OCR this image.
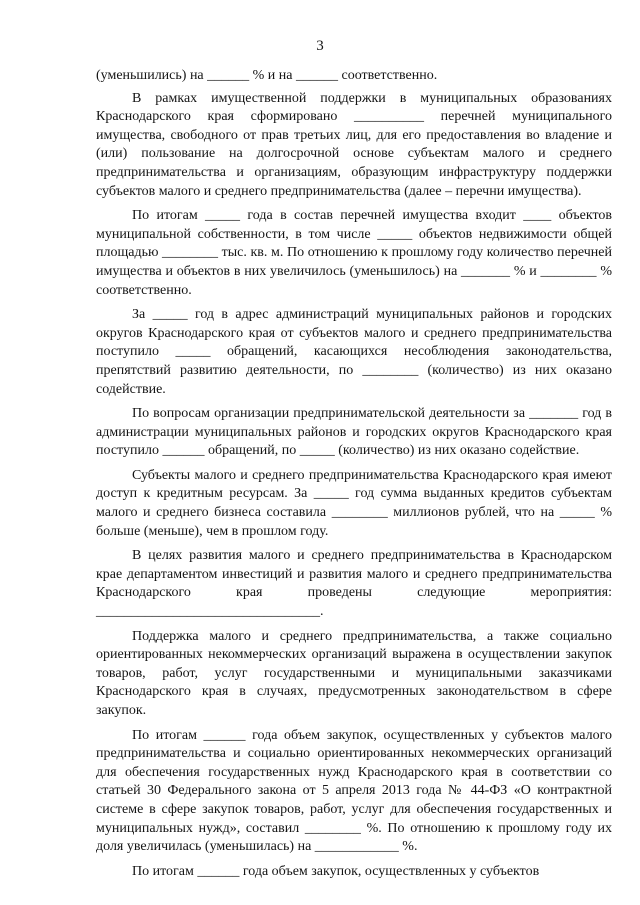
3

(уменьшились) на ______ % и на ______ соответственно.

В рамках имущественной поддержки в муниципальных образованиях Краснодарского края сформировано __________ перечней муниципального имущества, свободного от прав третьих лиц, для его предоставления во владение и (или) пользование на долгосрочной основе субъектам малого и среднего предпринимательства и организациям, образующим инфраструктуру поддержки субъектов малого и среднего предпринимательства (далее – перечни имущества).

По итогам _____ года в состав перечней имущества входит ____ объектов муниципальной собственности, в том числе _____ объектов недвижимости общей площадью ________ тыс. кв. м. По отношению к прошлому году количество перечней имущества и объектов в них увеличилось (уменьшилось) на _______ % и ________ % соответственно.

За _____ год в адрес администраций муниципальных районов и городских округов Краснодарского края от субъектов малого и среднего предпринимательства поступило _____ обращений, касающихся несоблюдения законодательства, препятствий развитию деятельности, по ________ (количество) из них оказано содействие.

По вопросам организации предпринимательской деятельности за _______ год в администрации муниципальных районов и городских округов Краснодарского края поступило ______ обращений, по _____ (количество) из них оказано содействие.

Субъекты малого и среднего предпринимательства Краснодарского края имеют доступ к кредитным ресурсам. За _____ год сумма выданных кредитов субъектам малого и среднего бизнеса составила ________ миллионов рублей, что на _____ % больше (меньше), чем в прошлом году.

В целях развития малого и среднего предпринимательства в Краснодарском крае департаментом инвестиций и развития малого и среднего предпринимательства Краснодарского края проведены следующие мероприятия: ________________________________.

Поддержка малого и среднего предпринимательства, а также социально ориентированных некоммерческих организаций выражена в осуществлении закупок товаров, работ, услуг государственными и муниципальными заказчиками Краснодарского края в случаях, предусмотренных законодательством в сфере закупок.

По итогам ______ года объем закупок, осуществленных у субъектов малого предпринимательства и социально ориентированных некоммерческих организаций для обеспечения государственных нужд Краснодарского края в соответствии со статьей 30 Федерального закона от 5 апреля 2013 года № 44-ФЗ «О контрактной системе в сфере закупок товаров, работ, услуг для обеспечения государственных и муниципальных нужд», составил ________ %. По отношению к прошлому году их доля увеличилась (уменьшилась) на ____________ %.

По итогам ______ года объем закупок, осуществленных у субъектов
